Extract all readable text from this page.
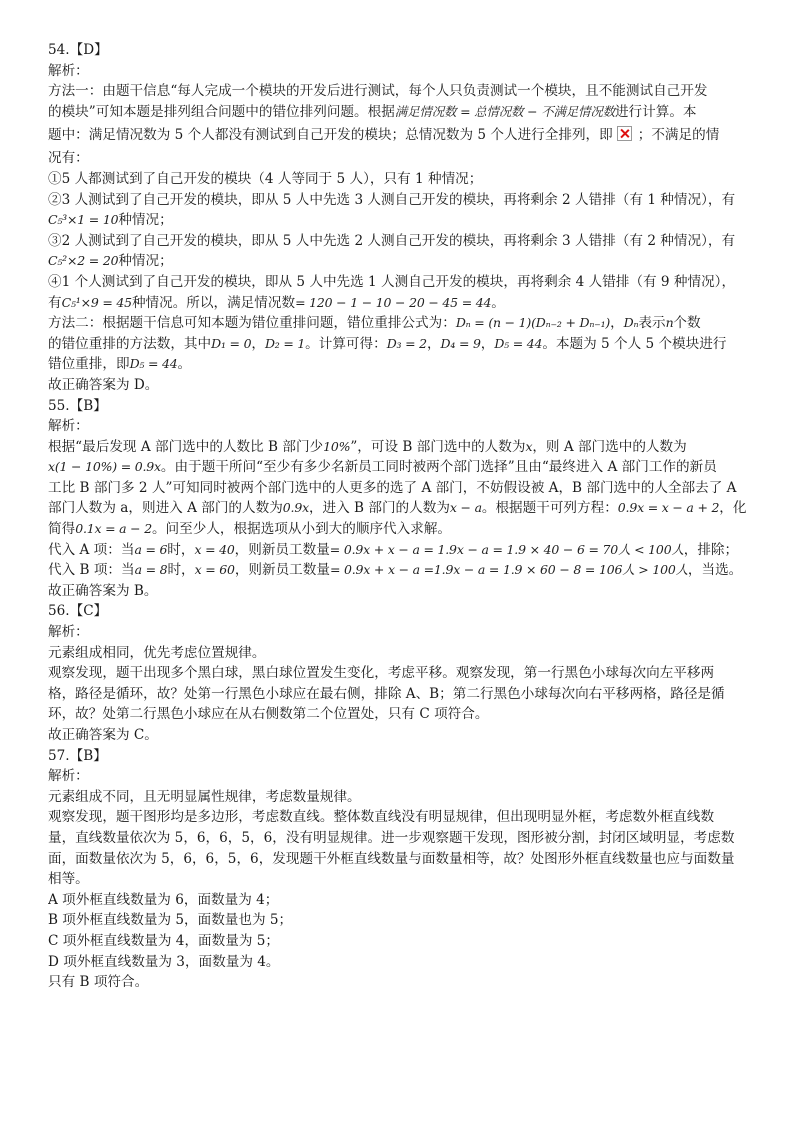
54.【D】
解析：
方法一：由题干信息“每人完成一个模块的开发后进行测试，每个人只负责测试一个模块，且不能测试自己开发
的模块”可知本题是排列组合问题中的错位排列问题。根据满足情况数 = 总情况数 − 不满足情况数进行计算。本
题中：满足情况数为 5 个人都没有测试到自己开发的模块；总情况数为 5 个人进行全排列，即 ；不满足的情
况有：
①5 人都测试到了自己开发的模块（4 人等同于 5 人），只有 1 种情况；
②3 人测试到了自己开发的模块，即从 5 人中先选 3 人测自己开发的模块，再将剩余 2 人错排（有 1 种情况），有
C₅³×1 = 10种情况；
③2 人测试到了自己开发的模块，即从 5 人中先选 2 人测自己开发的模块，再将剩余 3 人错排（有 2 种情况），有
C₅²×2 = 20种情况；
④1 个人测试到了自己开发的模块，即从 5 人中先选 1 人测自己开发的模块，再将剩余 4 人错排（有 9 种情况），
有C₅¹×9 = 45种情况。所以，满足情况数= 120 − 1 − 10 − 20 − 45 = 44。
方法二：根据题干信息可知本题为错位重排问题，错位重排公式为：Dₙ = (n − 1)(Dₙ₋₂ + Dₙ₋₁)，Dₙ表示n个数
的错位重排的方法数，其中D₁ = 0，D₂ = 1。计算可得：D₃ = 2，D₄ = 9，D₅ = 44。本题为 5 个人 5 个模块进行
错位重排，即D₅ = 44。
故正确答案为 D。
55.【B】
解析：
根据“最后发现 A 部门选中的人数比 B 部门少10%”，可设 B 部门选中的人数为x，则 A 部门选中的人数为
x(1 − 10%) = 0.9x。由于题干所问“至少有多少名新员工同时被两个部门选择”且由“最终进入 A 部门工作的新员
工比 B 部门多 2 人”可知同时被两个部门选中的人更多的选了 A 部门，不妨假设被 A，B 部门选中的人全部去了 A
部门人数为 a，则进入 A 部门的人数为0.9x，进入 B 部门的人数为x − a。根据题干可列方程：0.9x = x − a + 2，化
简得0.1x = a − 2。问至少人，根据选项从小到大的顺序代入求解。
代入 A 项：当a = 6时，x = 40，则新员工数量= 0.9x + x − a = 1.9x − a = 1.9 × 40 − 6 = 70人 < 100人，排除；
代入 B 项：当a = 8时，x = 60，则新员工数量= 0.9x + x − a =1.9x − a = 1.9 × 60 − 8 = 106人 > 100人，当选。
故正确答案为 B。
56.【C】
解析：
元素组成相同，优先考虑位置规律。
观察发现，题干出现多个黑白球，黑白球位置发生变化，考虑平移。观察发现，第一行黑色小球每次向左平移两
格，路径是循环，故？处第一行黑色小球应在最右侧，排除 A、B；第二行黑色小球每次向右平移两格，路径是循
环，故？处第二行黑色小球应在从右侧数第二个位置处，只有 C 项符合。
故正确答案为 C。
57.【B】
解析：
元素组成不同，且无明显属性规律，考虑数量规律。
观察发现，题干图形均是多边形，考虑数直线。整体数直线没有明显规律，但出现明显外框，考虑数外框直线数
量，直线数量依次为 5，6，6，5，6，没有明显规律。进一步观察题干发现，图形被分割，封闭区域明显，考虑数
面，面数量依次为 5，6，6，5，6，发现题干外框直线数量与面数量相等，故？处图形外框直线数量也应与面数量
相等。
A 项外框直线数量为 6，面数量为 4；
B 项外框直线数量为 5，面数量也为 5；
C 项外框直线数量为 4，面数量为 5；
D 项外框直线数量为 3，面数量为 4。
只有 B 项符合。
